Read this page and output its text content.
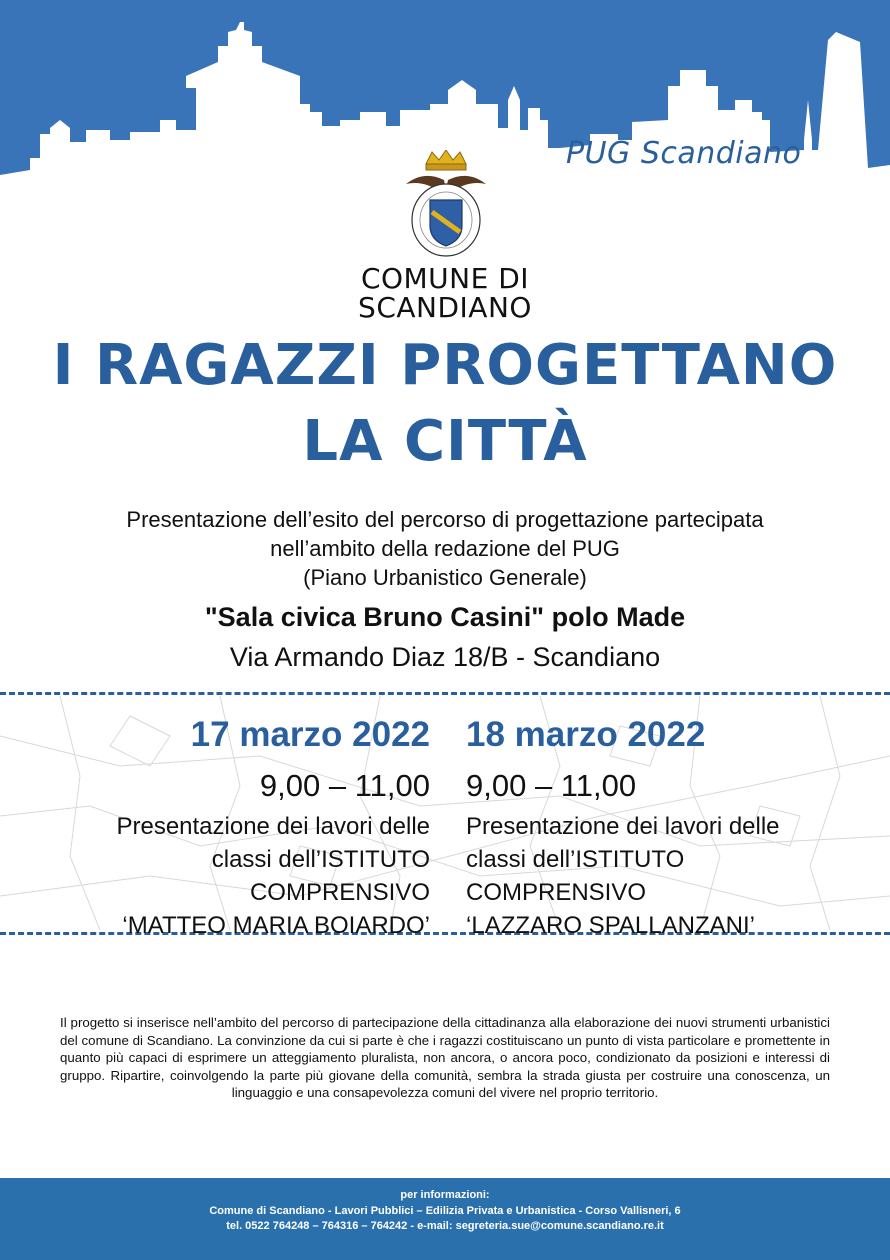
PUG Scandiano
COMUNE DI
SCANDIANO
I RAGAZZI PROGETTANO
LA CITTÀ
Presentazione dell’esito del percorso di progettazione partecipata
nell’ambito della redazione del PUG
(Piano Urbanistico Generale)
"Sala civica Bruno Casini" polo Made
Via Armando Diaz 18/B - Scandiano
17 marzo 2022
9,00 – 11,00
Presentazione dei lavori delle
classi dell’ISTITUTO
COMPRENSIVO
‘MATTEO MARIA BOIARDO’
18 marzo 2022
9,00 – 11,00
Presentazione dei lavori delle
classi dell’ISTITUTO
COMPRENSIVO
‘LAZZARO SPALLANZANI’
Il progetto si inserisce nell’ambito del percorso di partecipazione della cittadinanza alla elaborazione dei nuovi strumenti urbanistici del comune di Scandiano. La convinzione da cui si parte è che i ragazzi costituiscano un punto di vista particolare e promettente in quanto più capaci di esprimere un atteggiamento pluralista, non ancora, o ancora poco, condizionato da posizioni e interessi di gruppo. Ripartire, coinvolgendo la parte più giovane della comunità, sembra la strada giusta per costruire una conoscenza, un linguaggio e una consapevolezza comuni del vivere nel proprio territorio.
per informazioni:
Comune di Scandiano - Lavori Pubblici – Edilizia Privata e Urbanistica - Corso Vallisneri, 6
tel. 0522 764248 – 764316 – 764242 - e-mail: segreteria.sue@comune.scandiano.re.it
